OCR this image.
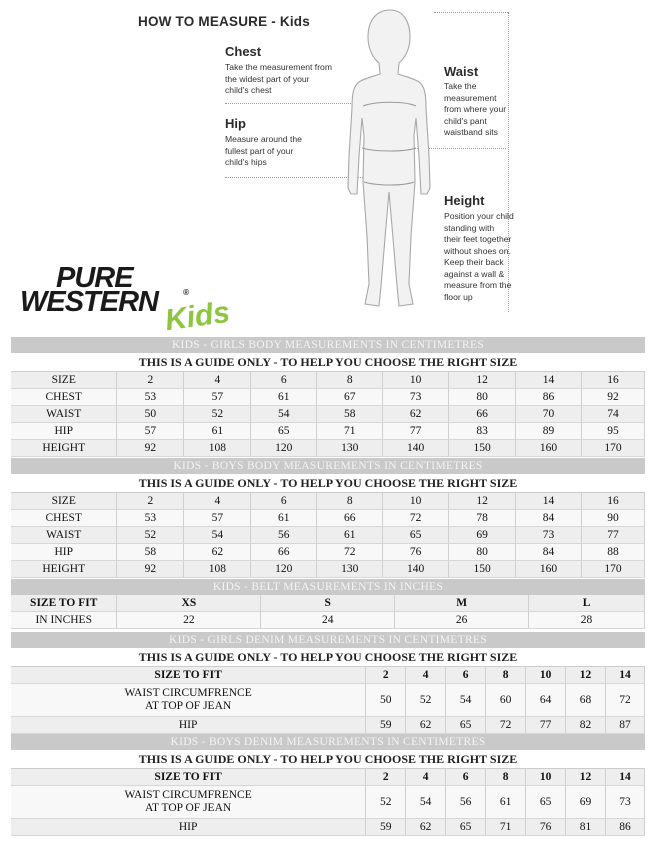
HOW TO MEASURE - Kids
Chest
Take the measurement from
the widest part of your
child's chest
Hip
Measure around the
fullest part of your
child's hips
Waist
Take the
measurement
from where your
child's pant
waistband sits
Height
Position your child
standing with
their feet together
without shoes on.
Keep their back
against a wall &
measure from the
floor up
PURE
WESTERN	®
Kids
KIDS - GIRLS BODY MEASUREMENTS IN CENTIMETRES
THIS IS A GUIDE ONLY - TO HELP YOU CHOOSE THE RIGHT SIZE
SIZE	2	4	6	8	10	12	14	16
CHEST	53	57	61	67	73	80	86	92
WAIST	50	52	54	58	62	66	70	74
HIP	57	61	65	71	77	83	89	95
HEIGHT	92	108	120	130	140	150	160	170
KIDS - BOYS BODY MEASUREMENTS IN CENTIMETRES
THIS IS A GUIDE ONLY - TO HELP YOU CHOOSE THE RIGHT SIZE
SIZE	2	4	6	8	10	12	14	16
CHEST	53	57	61	66	72	78	84	90
WAIST	52	54	56	61	65	69	73	77
HIP	58	62	66	72	76	80	84	88
HEIGHT	92	108	120	130	140	150	160	170
KIDS - BELT MEASUREMENTS IN INCHES
SIZE TO FIT	XS	S	M	L
IN INCHES	22	24	26	28
KIDS - GIRLS DENIM MEASUREMENTS IN CENTIMETRES
THIS IS A GUIDE ONLY - TO HELP YOU CHOOSE THE RIGHT SIZE
SIZE TO FIT	2	4	6	8	10	12	14
WAIST CIRCUMFRENCE
AT TOP OF JEAN	50	52	54	60	64	68	72
HIP	59	62	65	72	77	82	87
KIDS - BOYS DENIM MEASUREMENTS IN CENTIMETRES
THIS IS A GUIDE ONLY - TO HELP YOU CHOOSE THE RIGHT SIZE
SIZE TO FIT	2	4	6	8	10	12	14
WAIST CIRCUMFRENCE
AT TOP OF JEAN	52	54	56	61	65	69	73
HIP	59	62	65	71	76	81	86
